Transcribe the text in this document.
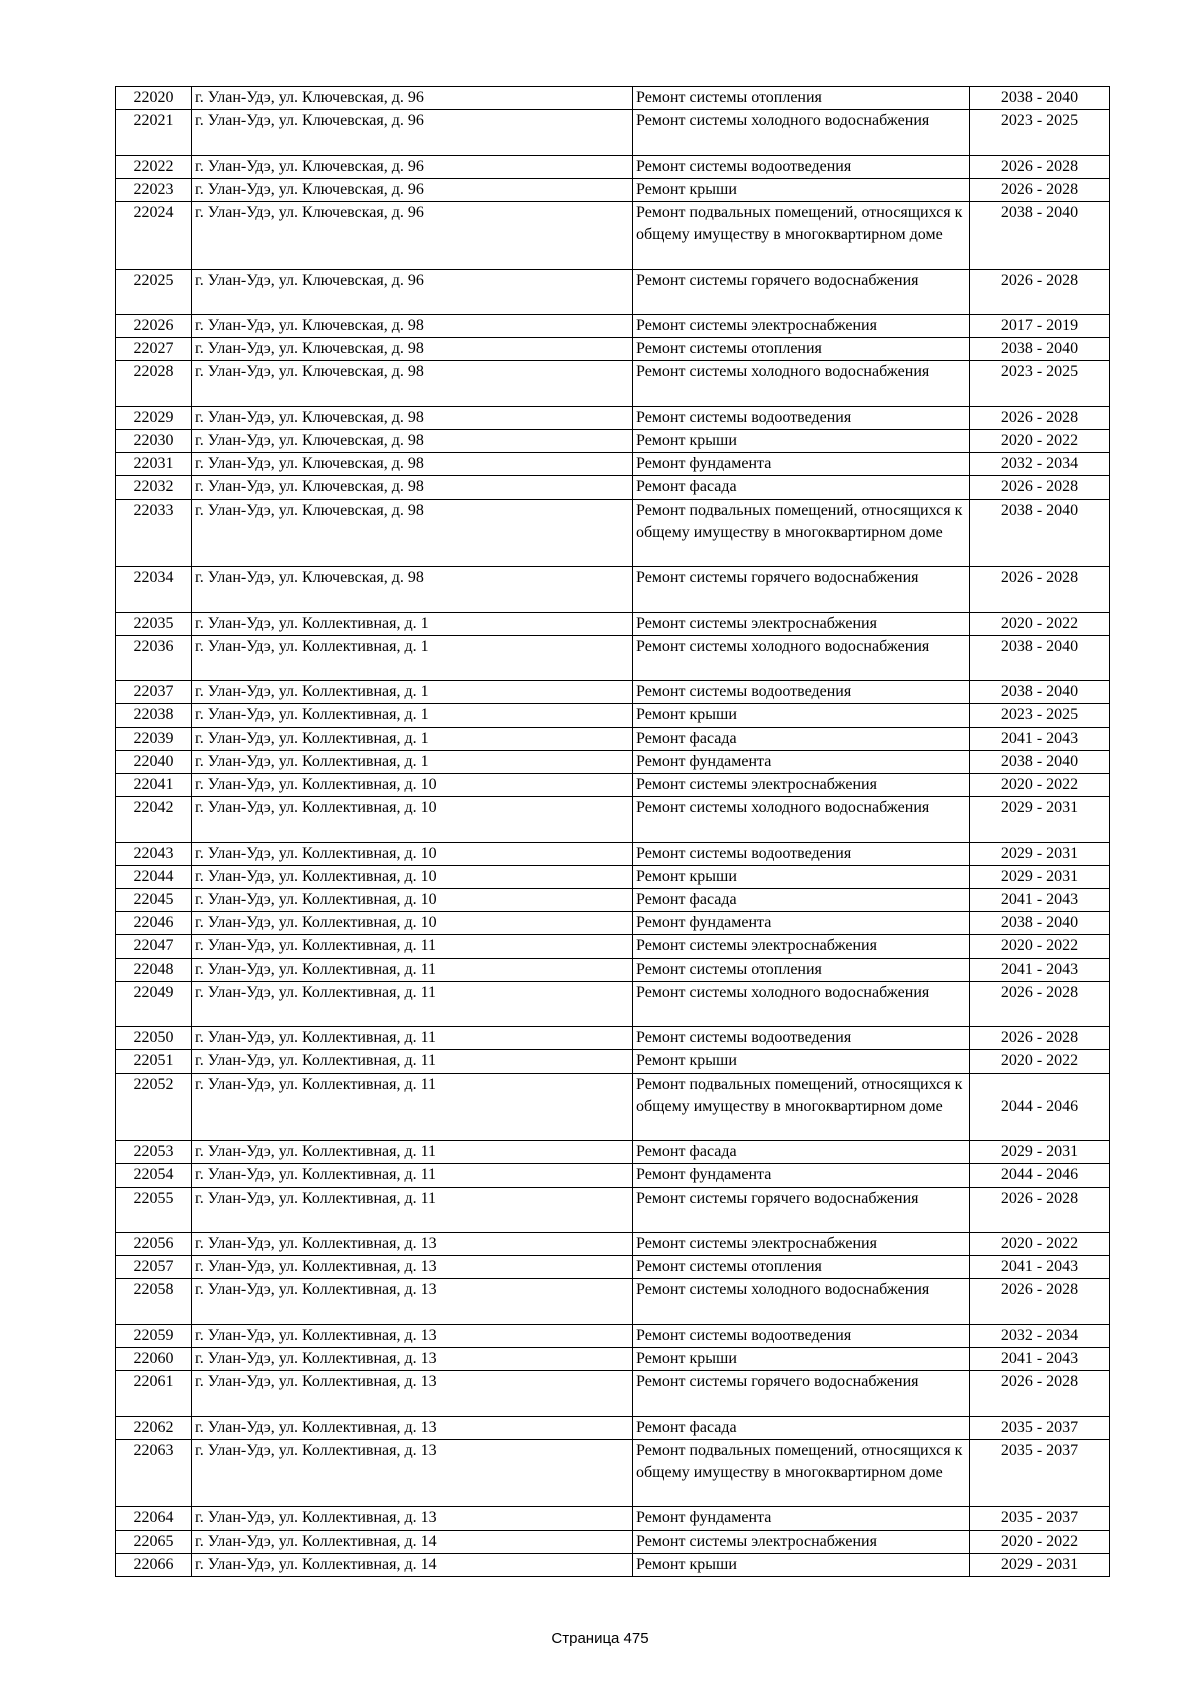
22020	г. Улан-Удэ, ул. Ключевская, д. 96	Ремонт системы отопления	2038 - 2040
22021	г. Улан-Удэ, ул. Ключевская, д. 96	Ремонт системы холодного водоснабжения	2023 - 2025
22022	г. Улан-Удэ, ул. Ключевская, д. 96	Ремонт системы водоотведения	2026 - 2028
22023	г. Улан-Удэ, ул. Ключевская, д. 96	Ремонт крыши	2026 - 2028
22024	г. Улан-Удэ, ул. Ключевская, д. 96	Ремонт подвальных помещений, относящихся к общему имуществу в многоквартирном доме	2038 - 2040
22025	г. Улан-Удэ, ул. Ключевская, д. 96	Ремонт системы горячего водоснабжения	2026 - 2028
22026	г. Улан-Удэ, ул. Ключевская, д. 98	Ремонт системы электроснабжения	2017 - 2019
22027	г. Улан-Удэ, ул. Ключевская, д. 98	Ремонт системы отопления	2038 - 2040
22028	г. Улан-Удэ, ул. Ключевская, д. 98	Ремонт системы холодного водоснабжения	2023 - 2025
22029	г. Улан-Удэ, ул. Ключевская, д. 98	Ремонт системы водоотведения	2026 - 2028
22030	г. Улан-Удэ, ул. Ключевская, д. 98	Ремонт крыши	2020 - 2022
22031	г. Улан-Удэ, ул. Ключевская, д. 98	Ремонт фундамента	2032 - 2034
22032	г. Улан-Удэ, ул. Ключевская, д. 98	Ремонт фасада	2026 - 2028
22033	г. Улан-Удэ, ул. Ключевская, д. 98	Ремонт подвальных помещений, относящихся к общему имуществу в многоквартирном доме	2038 - 2040
22034	г. Улан-Удэ, ул. Ключевская, д. 98	Ремонт системы горячего водоснабжения	2026 - 2028
22035	г. Улан-Удэ, ул. Коллективная, д. 1	Ремонт системы электроснабжения	2020 - 2022
22036	г. Улан-Удэ, ул. Коллективная, д. 1	Ремонт системы холодного водоснабжения	2038 - 2040
22037	г. Улан-Удэ, ул. Коллективная, д. 1	Ремонт системы водоотведения	2038 - 2040
22038	г. Улан-Удэ, ул. Коллективная, д. 1	Ремонт крыши	2023 - 2025
22039	г. Улан-Удэ, ул. Коллективная, д. 1	Ремонт фасада	2041 - 2043
22040	г. Улан-Удэ, ул. Коллективная, д. 1	Ремонт фундамента	2038 - 2040
22041	г. Улан-Удэ, ул. Коллективная, д. 10	Ремонт системы электроснабжения	2020 - 2022
22042	г. Улан-Удэ, ул. Коллективная, д. 10	Ремонт системы холодного водоснабжения	2029 - 2031
22043	г. Улан-Удэ, ул. Коллективная, д. 10	Ремонт системы водоотведения	2029 - 2031
22044	г. Улан-Удэ, ул. Коллективная, д. 10	Ремонт крыши	2029 - 2031
22045	г. Улан-Удэ, ул. Коллективная, д. 10	Ремонт фасада	2041 - 2043
22046	г. Улан-Удэ, ул. Коллективная, д. 10	Ремонт фундамента	2038 - 2040
22047	г. Улан-Удэ, ул. Коллективная, д. 11	Ремонт системы электроснабжения	2020 - 2022
22048	г. Улан-Удэ, ул. Коллективная, д. 11	Ремонт системы отопления	2041 - 2043
22049	г. Улан-Удэ, ул. Коллективная, д. 11	Ремонт системы холодного водоснабжения	2026 - 2028
22050	г. Улан-Удэ, ул. Коллективная, д. 11	Ремонт системы водоотведения	2026 - 2028
22051	г. Улан-Удэ, ул. Коллективная, д. 11	Ремонт крыши	2020 - 2022
22052	г. Улан-Удэ, ул. Коллективная, д. 11	Ремонт подвальных помещений, относящихся к общему имуществу в многоквартирном доме	2044 - 2046
22053	г. Улан-Удэ, ул. Коллективная, д. 11	Ремонт фасада	2029 - 2031
22054	г. Улан-Удэ, ул. Коллективная, д. 11	Ремонт фундамента	2044 - 2046
22055	г. Улан-Удэ, ул. Коллективная, д. 11	Ремонт системы горячего водоснабжения	2026 - 2028
22056	г. Улан-Удэ, ул. Коллективная, д. 13	Ремонт системы электроснабжения	2020 - 2022
22057	г. Улан-Удэ, ул. Коллективная, д. 13	Ремонт системы отопления	2041 - 2043
22058	г. Улан-Удэ, ул. Коллективная, д. 13	Ремонт системы холодного водоснабжения	2026 - 2028
22059	г. Улан-Удэ, ул. Коллективная, д. 13	Ремонт системы водоотведения	2032 - 2034
22060	г. Улан-Удэ, ул. Коллективная, д. 13	Ремонт крыши	2041 - 2043
22061	г. Улан-Удэ, ул. Коллективная, д. 13	Ремонт системы горячего водоснабжения	2026 - 2028
22062	г. Улан-Удэ, ул. Коллективная, д. 13	Ремонт фасада	2035 - 2037
22063	г. Улан-Удэ, ул. Коллективная, д. 13	Ремонт подвальных помещений, относящихся к общему имуществу в многоквартирном доме	2035 - 2037
22064	г. Улан-Удэ, ул. Коллективная, д. 13	Ремонт фундамента	2035 - 2037
22065	г. Улан-Удэ, ул. Коллективная, д. 14	Ремонт системы электроснабжения	2020 - 2022
22066	г. Улан-Удэ, ул. Коллективная, д. 14	Ремонт крыши	2029 - 2031
Страница 475
